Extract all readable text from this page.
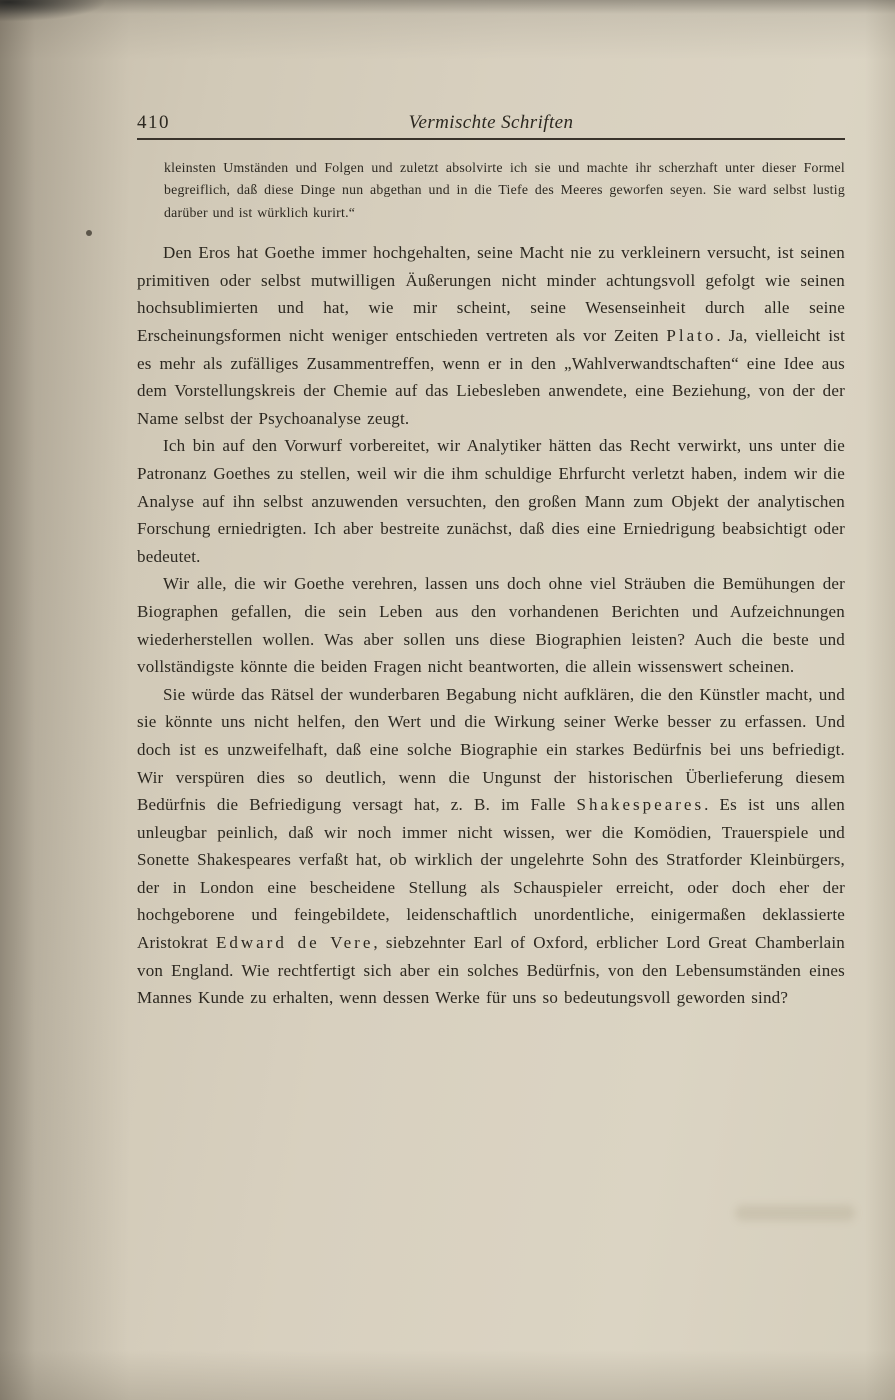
410	Vermischte Schriften
kleinsten Umständen und Folgen und zuletzt absolvirte ich sie und machte ihr scherzhaft unter dieser Formel begreiflich, daß diese Dinge nun abgethan und in die Tiefe des Meeres geworfen seyen. Sie ward selbst lustig darüber und ist würklich kurirt.“

Den Eros hat Goethe immer hochgehalten, seine Macht nie zu verkleinern versucht, ist seinen primitiven oder selbst mutwilligen Äußerungen nicht minder achtungsvoll gefolgt wie seinen hochsublimierten und hat, wie mir scheint, seine Wesenseinheit durch alle seine Erscheinungsformen nicht weniger entschieden vertreten als vor Zeiten Plato. Ja, vielleicht ist es mehr als zufälliges Zusammentreffen, wenn er in den „Wahlverwandtschaften“ eine Idee aus dem Vorstellungskreis der Chemie auf das Liebesleben anwendete, eine Beziehung, von der der Name selbst der Psychoanalyse zeugt.

Ich bin auf den Vorwurf vorbereitet, wir Analytiker hätten das Recht verwirkt, uns unter die Patronanz Goethes zu stellen, weil wir die ihm schuldige Ehrfurcht verletzt haben, indem wir die Analyse auf ihn selbst anzuwenden versuchten, den großen Mann zum Objekt der analytischen Forschung erniedrigten. Ich aber bestreite zunächst, daß dies eine Erniedrigung beabsichtigt oder bedeutet.

Wir alle, die wir Goethe verehren, lassen uns doch ohne viel Sträuben die Bemühungen der Biographen gefallen, die sein Leben aus den vorhandenen Berichten und Aufzeichnungen wiederherstellen wollen. Was aber sollen uns diese Biographien leisten? Auch die beste und vollständigste könnte die beiden Fragen nicht beantworten, die allein wissenswert scheinen.

Sie würde das Rätsel der wunderbaren Begabung nicht aufklären, die den Künstler macht, und sie könnte uns nicht helfen, den Wert und die Wirkung seiner Werke besser zu erfassen. Und doch ist es unzweifelhaft, daß eine solche Biographie ein starkes Bedürfnis bei uns befriedigt. Wir verspüren dies so deutlich, wenn die Ungunst der historischen Überlieferung diesem Bedürfnis die Befriedigung versagt hat, z. B. im Falle Shakespeares. Es ist uns allen unleugbar peinlich, daß wir noch immer nicht wissen, wer die Komödien, Trauerspiele und Sonette Shakespeares verfaßt hat, ob wirklich der ungelehrte Sohn des Stratforder Kleinbürgers, der in London eine bescheidene Stellung als Schauspieler erreicht, oder doch eher der hochgeborene und feingebildete, leidenschaftlich unordentliche, einigermaßen deklassierte Aristokrat Edward de Vere, siebzehnter Earl of Oxford, erblicher Lord Great Chamberlain von England. Wie rechtfertigt sich aber ein solches Bedürfnis, von den Lebensumständen eines Mannes Kunde zu erhalten, wenn dessen Werke für uns so bedeutungsvoll geworden sind?
